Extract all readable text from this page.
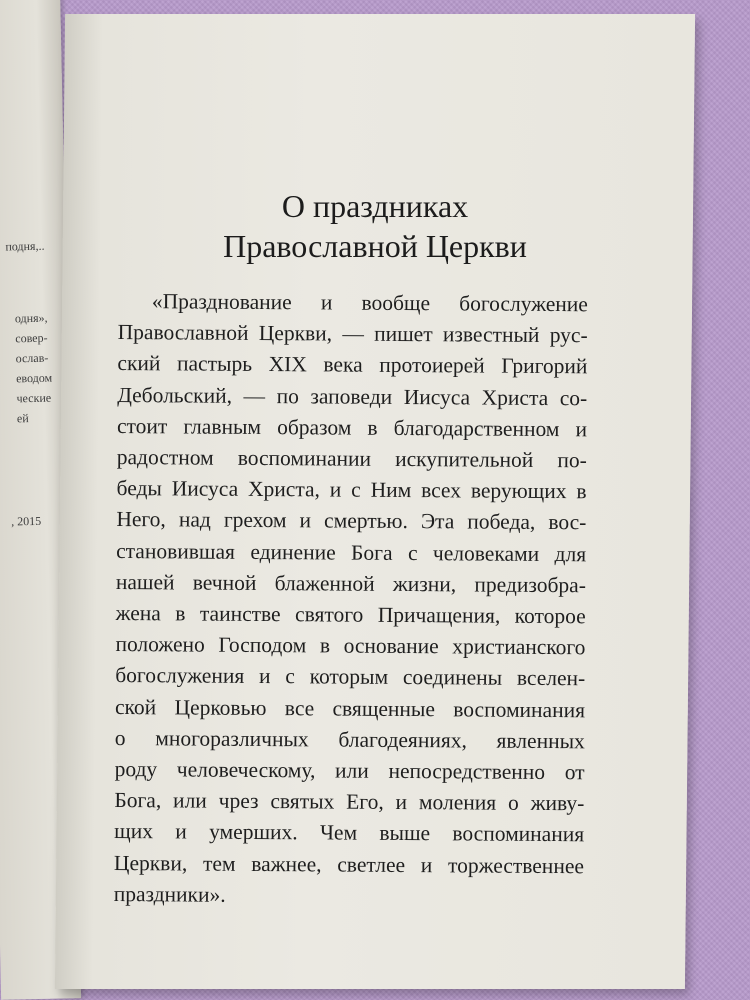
подня,..
одня»,
совер-
ослав-
еводом
ческие
ей
, 2015
О праздниках
Православной Церкви
«Празднование и вообще богослужение
Православной Церкви, — пишет известный рус-
ский пастырь XIX века протоиерей Григорий
Дебольский, — по заповеди Иисуса Христа со-
стоит главным образом в благодарственном и
радостном воспоминании искупительной по-
беды Иисуса Христа, и с Ним всех верующих в
Него, над грехом и смертью. Эта победа, вос-
становившая единение Бога с человеками для
нашей вечной блаженной жизни, предизобра-
жена в таинстве святого Причащения, которое
положено Господом в основание христианского
богослужения и с которым соединены вселен-
ской Церковью все священные воспоминания
о многоразличных благодеяниях, явленных
роду человеческому, или непосредственно от
Бога, или чрез святых Его, и моления о живу-
щих и умерших. Чем выше воспоминания
Церкви, тем важнее, светлее и торжественнее
праздники».
